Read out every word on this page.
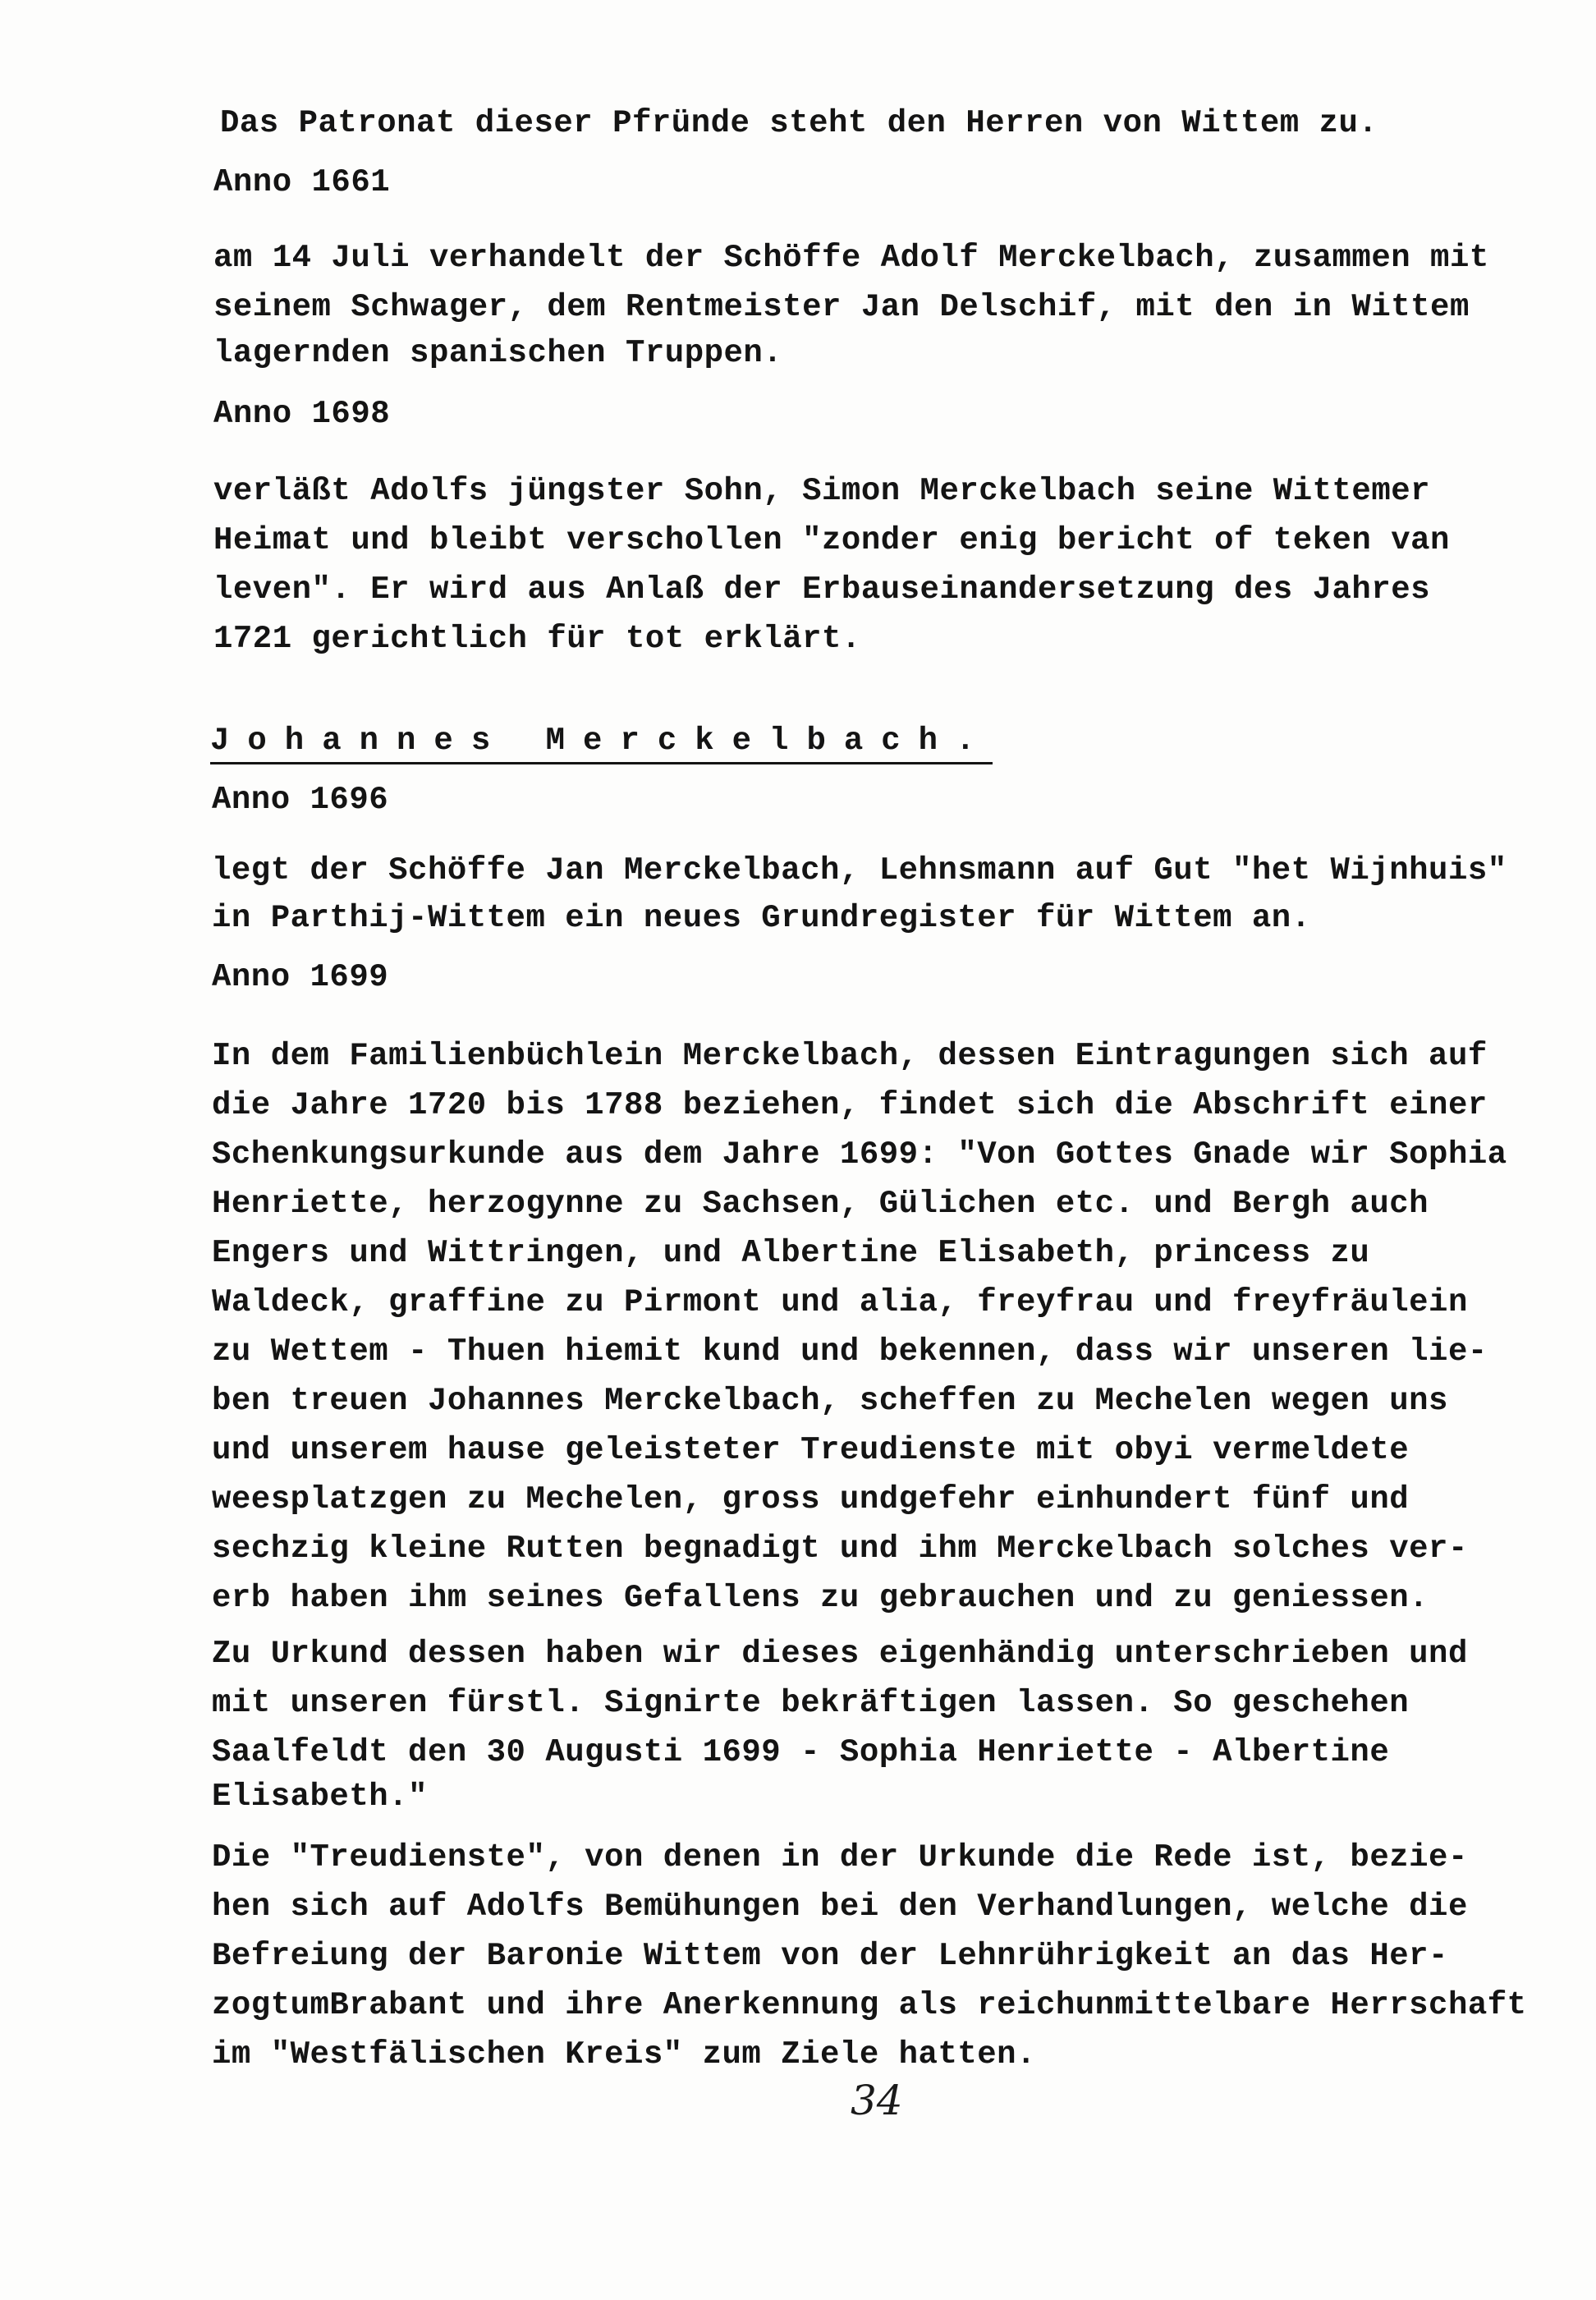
Das Patronat dieser Pfründe steht den Herren von Wittem zu.
Anno 1661
am 14 Juli verhandelt der Schöffe Adolf Merckelbach, zusammen mit
seinem Schwager, dem Rentmeister Jan Delschif, mit den in Wittem
lagernden spanischen Truppen.
Anno 1698
verläßt Adolfs jüngster Sohn, Simon Merckelbach seine Wittemer
Heimat und bleibt verschollen "zonder enig bericht of teken van
leven". Er wird aus Anlaß der Erbauseinandersetzung des Jahres
1721 gerichtlich für tot erklärt.
Johannes Merckelbach.
Anno 1696
legt der Schöffe Jan Merckelbach, Lehnsmann auf Gut "het Wijnhuis"
in Parthij-Wittem ein neues Grundregister für Wittem an.
Anno 1699
In dem Familienbüchlein Merckelbach, dessen Eintragungen sich auf
die Jahre 1720 bis 1788 beziehen, findet sich die Abschrift einer
Schenkungsurkunde aus dem Jahre 1699: "Von Gottes Gnade wir Sophia
Henriette, herzogynne zu Sachsen, Gülichen etc. und Bergh auch
Engers und Wittringen, und Albertine Elisabeth, princess zu
Waldeck, graffine zu Pirmont und alia, freyfrau und freyfräulein
zu Wettem - Thuen hiemit kund und bekennen, dass wir unseren lie-
ben treuen Johannes Merckelbach, scheffen zu Mechelen wegen uns
und unserem hause geleisteter Treudienste mit obyi vermeldete
weesplatzgen zu Mechelen, gross undgefehr einhundert fünf und
sechzig kleine Rutten begnadigt und ihm Merckelbach solches ver-
erb haben ihm seines Gefallens zu gebrauchen und zu geniessen.
Zu Urkund dessen haben wir dieses eigenhändig unterschrieben und
mit unseren fürstl. Signirte bekräftigen lassen. So geschehen
Saalfeldt den 30 Augusti 1699 - Sophia Henriette - Albertine
Elisabeth."
Die "Treudienste", von denen in der Urkunde die Rede ist, bezie-
hen sich auf Adolfs Bemühungen bei den Verhandlungen, welche die
Befreiung der Baronie Wittem von der Lehnrührigkeit an das Her-
zogtumBrabant und ihre Anerkennung als reichunmittelbare Herrschaft
im "Westfälischen Kreis" zum Ziele hatten.
34
